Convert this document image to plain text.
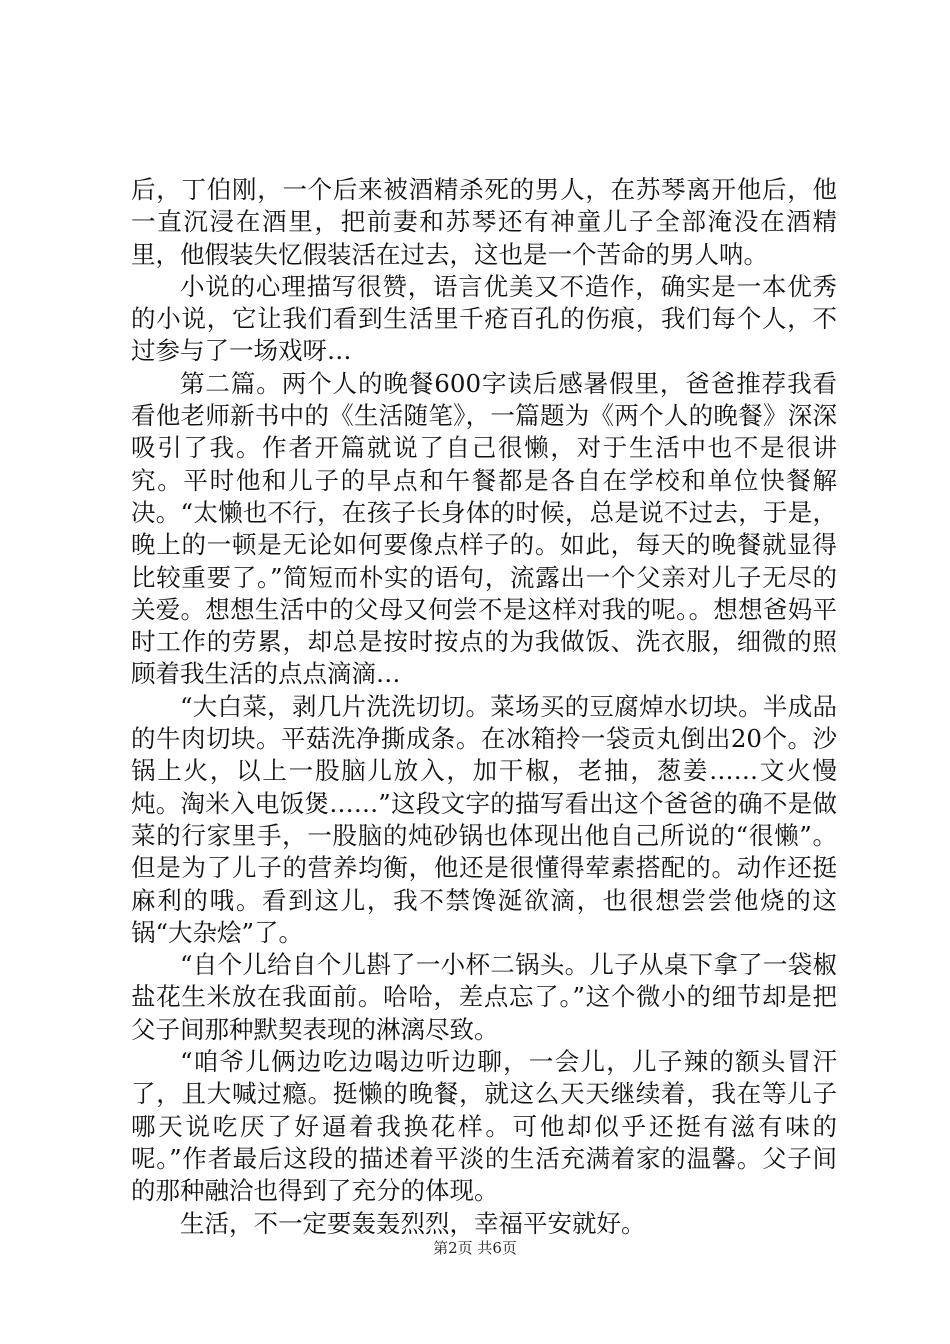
后，丁伯刚，一个后来被酒精杀死的男人，在苏琴离开他后，他一直沉浸在酒里，把前妻和苏琴还有神童儿子全部淹没在酒精里，他假装失忆假装活在过去，这也是一个苦命的男人呐。

小说的心理描写很赞，语言优美又不造作，确实是一本优秀的小说，它让我们看到生活里千疮百孔的伤痕，我们每个人，不过参与了一场戏呀…

第二篇。两个人的晚餐600字读后感暑假里，爸爸推荐我看看他老师新书中的《生活随笔》，一篇题为《两个人的晚餐》深深吸引了我。作者开篇就说了自己很懒，对于生活中也不是很讲究。平时他和儿子的早点和午餐都是各自在学校和单位快餐解决。“太懒也不行，在孩子长身体的时候，总是说不过去，于是，晚上的一顿是无论如何要像点样子的。如此，每天的晚餐就显得比较重要了。”简短而朴实的语句，流露出一个父亲对儿子无尽的关爱。想想生活中的父母又何尝不是这样对我的呢。。想想爸妈平时工作的劳累，却总是按时按点的为我做饭、洗衣服，细微的照顾着我生活的点点滴滴…

“大白菜，剥几片洗洗切切。菜场买的豆腐焯水切块。半成品的牛肉切块。平菇洗净撕成条。在冰箱拎一袋贡丸倒出20个。沙锅上火，以上一股脑儿放入，加干椒，老抽，葱姜……文火慢炖。淘米入电饭煲……”这段文字的描写看出这个爸爸的确不是做菜的行家里手，一股脑的炖砂锅也体现出他自己所说的“很懒”。但是为了儿子的营养均衡，他还是很懂得荤素搭配的。动作还挺麻利的哦。看到这儿，我不禁馋涎欲滴，也很想尝尝他烧的这锅“大杂烩”了。

“自个儿给自个儿斟了一小杯二锅头。儿子从桌下拿了一袋椒盐花生米放在我面前。哈哈，差点忘了。”这个微小的细节却是把父子间那种默契表现的淋漓尽致。

“咱爷儿俩边吃边喝边听边聊，一会儿，儿子辣的额头冒汗了，且大喊过瘾。挺懒的晚餐，就这么天天继续着，我在等儿子哪天说吃厌了好逼着我换花样。可他却似乎还挺有滋有味的呢。”作者最后这段的描述着平淡的生活充满着家的温馨。父子间的那种融洽也得到了充分的体现。

生活，不一定要轰轰烈烈，幸福平安就好。

第2页 共6页
